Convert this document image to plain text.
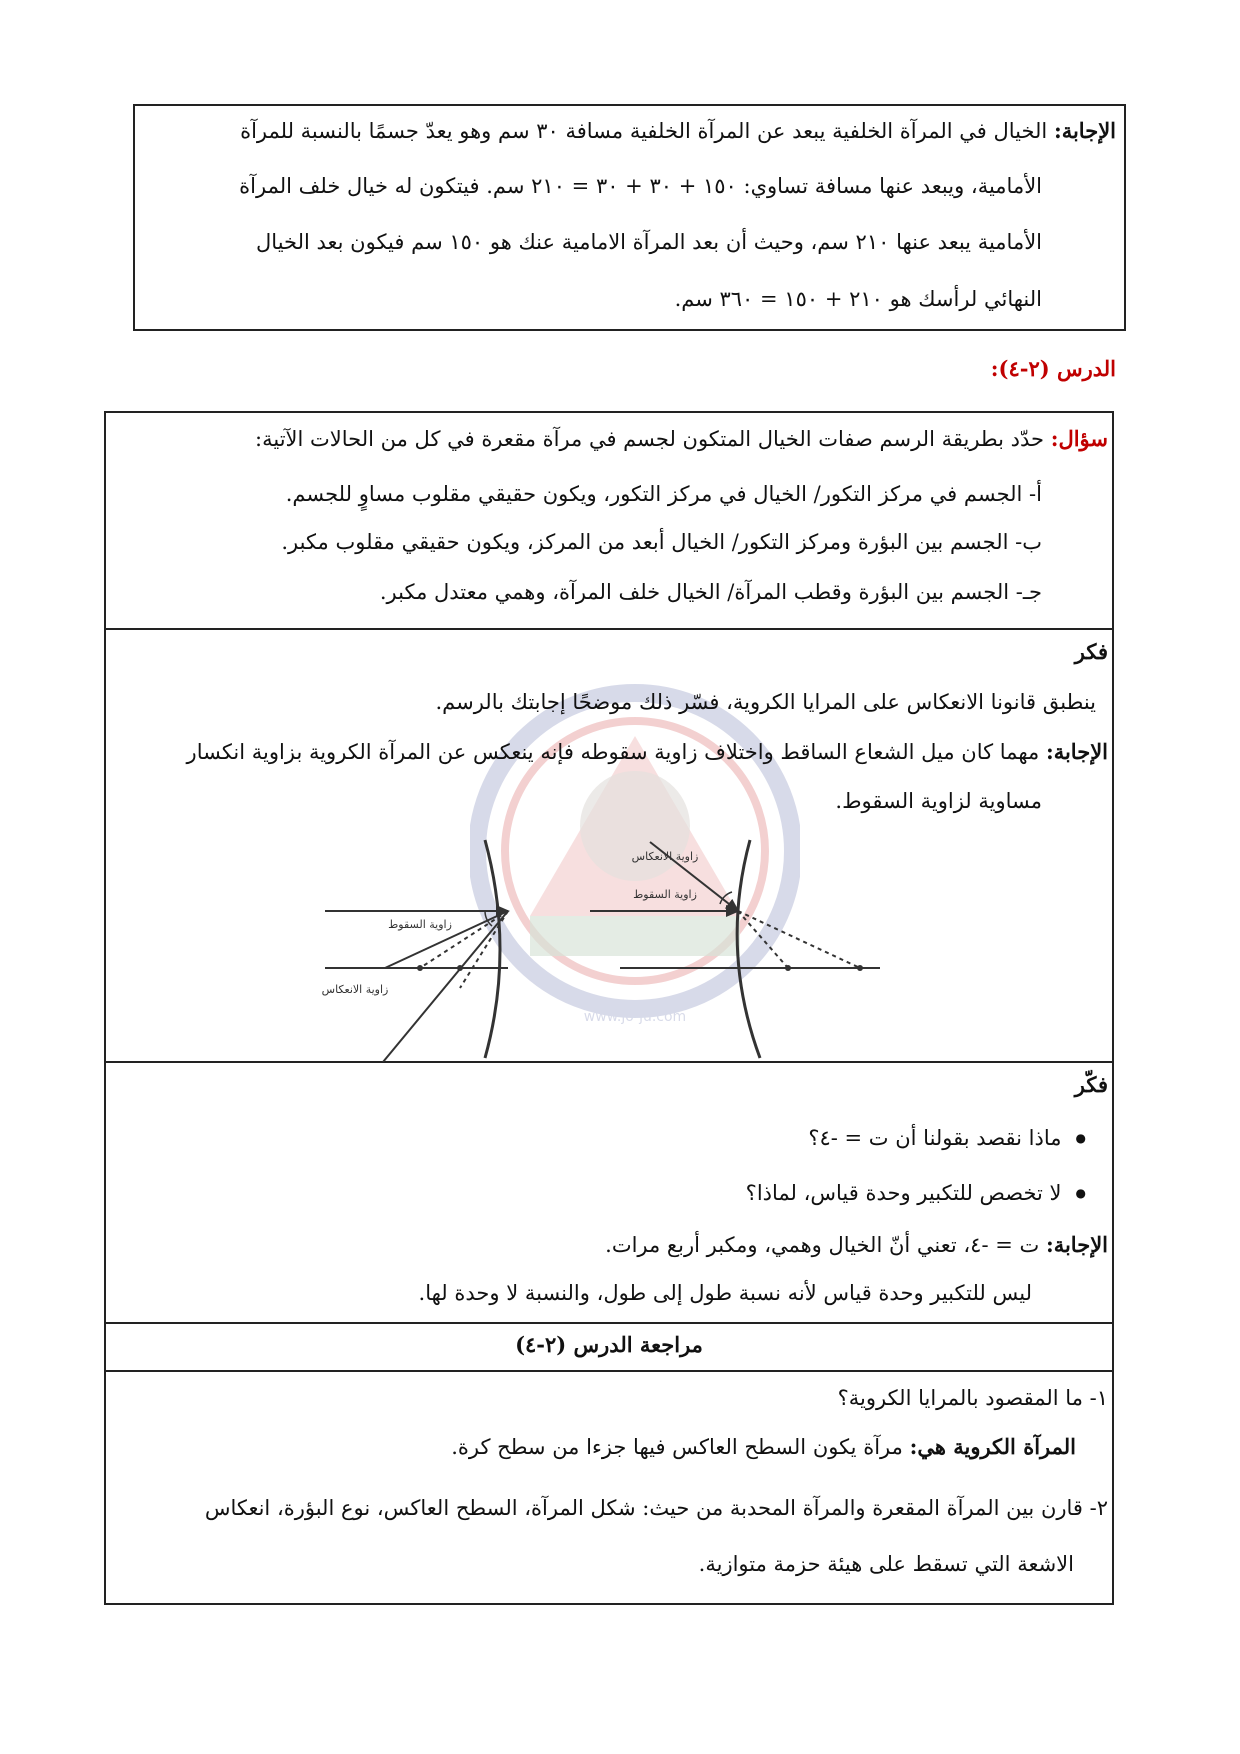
الإجابة: الخيال في المرآة الخلفية يبعد عن المرآة الخلفية مسافة ٣٠ سم وهو يعدّ جسمًا بالنسبة للمرآة
الأمامية، ويبعد عنها مسافة تساوي: ١٥٠ + ٣٠ + ٣٠ = ٢١٠ سم. فيتكون له خيال خلف المرآة
الأمامية يبعد عنها ٢١٠ سم، وحيث أن بعد المرآة الامامية عنك هو ١٥٠ سم فيكون بعد الخيال
النهائي لرأسك هو ٢١٠ + ١٥٠ = ٣٦٠ سم.
الدرس (٢-٤):
سؤال: حدّد بطريقة الرسم صفات الخيال المتكون لجسم في مرآة مقعرة في كل من الحالات الآتية:
أ- الجسم في مركز التكور/ الخيال في مركز التكور، ويكون حقيقي مقلوب مساوٍ للجسم.
ب- الجسم بين البؤرة ومركز التكور/ الخيال أبعد من المركز، ويكون حقيقي مقلوب مكبر.
جـ- الجسم بين البؤرة وقطب المرآة/ الخيال خلف المرآة، وهمي معتدل مكبر.
www.jo-ju.com
فكر
ينطبق قانونا الانعكاس على المرايا الكروية، فسّر ذلك موضحًا إجابتك بالرسم.
الإجابة: مهما كان ميل الشعاع الساقط واختلاف زاوية سقوطه فإنه ينعكس عن المرآة الكروية بزاوية انكسار
مساوية لزاوية السقوط.
زاوية السقوط
زاوية الانعكاس
زاوية الانعكاس
زاوية السقوط
فكّر
● ماذا نقصد بقولنا أن ت = -٤؟
● لا تخصص للتكبير وحدة قياس، لماذا؟
الإجابة: ت = -٤، تعني أنّ الخيال وهمي، ومكبر أربع مرات.
ليس للتكبير وحدة قياس لأنه نسبة طول إلى طول، والنسبة لا وحدة لها.
مراجعة الدرس (٢-٤)
١- ما المقصود بالمرايا الكروية؟
المرآة الكروية هي: مرآة يكون السطح العاكس فيها جزءا من سطح كرة.
٢- قارن بين المرآة المقعرة والمرآة المحدبة من حيث: شكل المرآة، السطح العاكس، نوع البؤرة، انعكاس
الاشعة التي تسقط على هيئة حزمة متوازية.
